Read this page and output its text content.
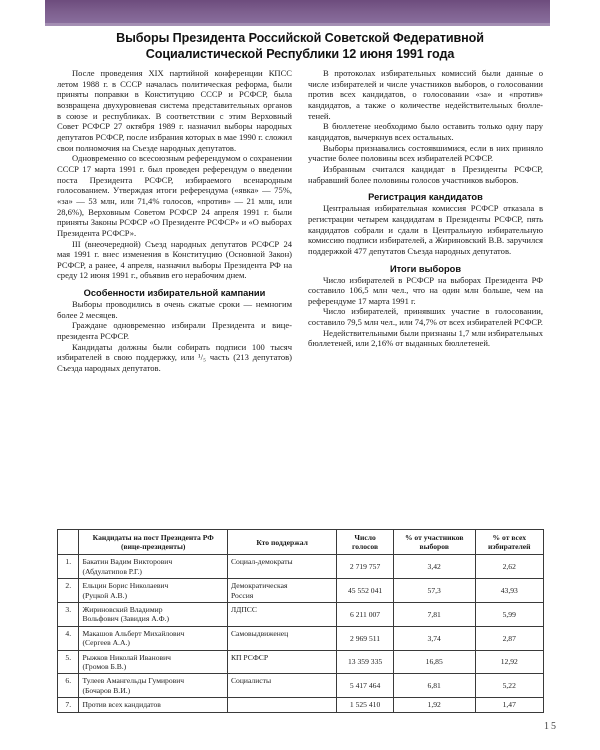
Выборы Президента Российской Советской Федеративной
Социалистической Республики 12 июня 1991 года

После проведения XIX партийной конференции КПСС летом 1988 г. в СССР началась политическая реформа, были приняты поправки в Конституцию СССР и РСФСР, была возвращена двухуровневая система представительных органов в союзе и республиках. В соответствии с этим Верховный Совет РСФСР 27 октября 1989 г. назначил выборы народных депутатов РСФСР, после избрания которых в мае 1990 г. сложил свои полномочия на Съезде народных депутатов.

Одновременно со всесоюзным референдумом о сохранении СССР 17 марта 1991 г. был проведен референдум о введении поста Президента РСФСР, избираемого всенародным голосованием. Утверждая итоги референдума («явка» — 75%, «за» — 53 млн, или 71,4% голосов, «против» — 21 млн, или 28,6%), Верховным Советом РСФСР 24 апреля 1991 г. были приняты Законы РСФСР «О Президенте РСФСР» и «О выборах Президента РСФСР».

III (внеочередной) Съезд народных депутатов РСФСР 24 мая 1991 г. внес изменения в Конституцию (Основной Закон) РСФСР, а ранее, 4 апреля, назначил выборы Президента РФ на среду 12 июня 1991 г., объявив его нерабочим днем.

Особенности избирательной кампании

Выборы проводились в очень сжатые сроки — немногим более 2 месяцев.

Граждане одновременно избирали Президента и вице-президента РСФСР.

Кандидаты должны были собирать подписи 100 тысяч избирателей в свою поддержку, или ¹/₅ часть (213 депутатов) Съезда народных депутатов.

В протоколах избирательных комиссий были данные о числе избирателей и числе участников выборов, о голосовании против всех кандидатов, о голосовании «за» и «против» кандидатов, а также о количестве недействительных бюллетеней.

В бюллетене необходимо было оставить только одну пару кандидатов, вычеркнув всех остальных.

Выборы признавались состоявшимися, если в них приняло участие более половины всех избирателей РСФСР.

Избранным считался кандидат в Президенты РСФСР, набравший более половины голосов участников выборов.

Регистрация кандидатов

Центральная избирательная комиссия РСФСР отказала в регистрации четырем кандидатам в Президенты РСФСР, пять кандидатов собрали и сдали в Центральную избирательную комиссию подписи избирателей, а Жириновский В.В. заручился поддержкой 477 депутатов Съезда народных депутатов.

Итоги выборов

Число избирателей в РСФСР на выборах Президента РФ составило 106,5 млн чел., что на один млн больше, чем на референдуме 17 марта 1991 г.

Число избирателей, принявших участие в голосовании, составило 79,5 млн чел., или 74,7% от всех избирателей РСФСР.

Недействительными были признаны 1,7 млн избирательных бюллетеней, или 2,16% от выданных бюллетеней.

	Кандидаты на пост Президента РФ
(вице-президенты)	Кто поддержал	Число
голосов	% от участников
выборов	% от всех
избирателей
1.	Бакатин Вадим Викторович
(Абдулатипов Р.Г.)	Социал-демократы	2 719 757	3,42	2,62
2.	Ельцин Борис Николаевич
(Руцкой А.В.)	Демократическая
Россия	45 552 041	57,3	43,93
3.	Жириновский Владимир
Вольфович (Завидия А.Ф.)	ЛДПСС	6 211 007	7,81	5,99
4.	Макашов Альберт Михайлович
(Сергеев А.А.)	Самовыдвиженец	2 969 511	3,74	2,87
5.	Рыжков Николай Иванович
(Громов Б.В.)	КП РСФСР	13 359 335	16,85	12,92
6.	Тулеев Амангельды Гумирович
(Бочаров В.И.)	Социалисты	5 417 464	6,81	5,22
7.	Против всех кандидатов		1 525 410	1,92	1,47
15
